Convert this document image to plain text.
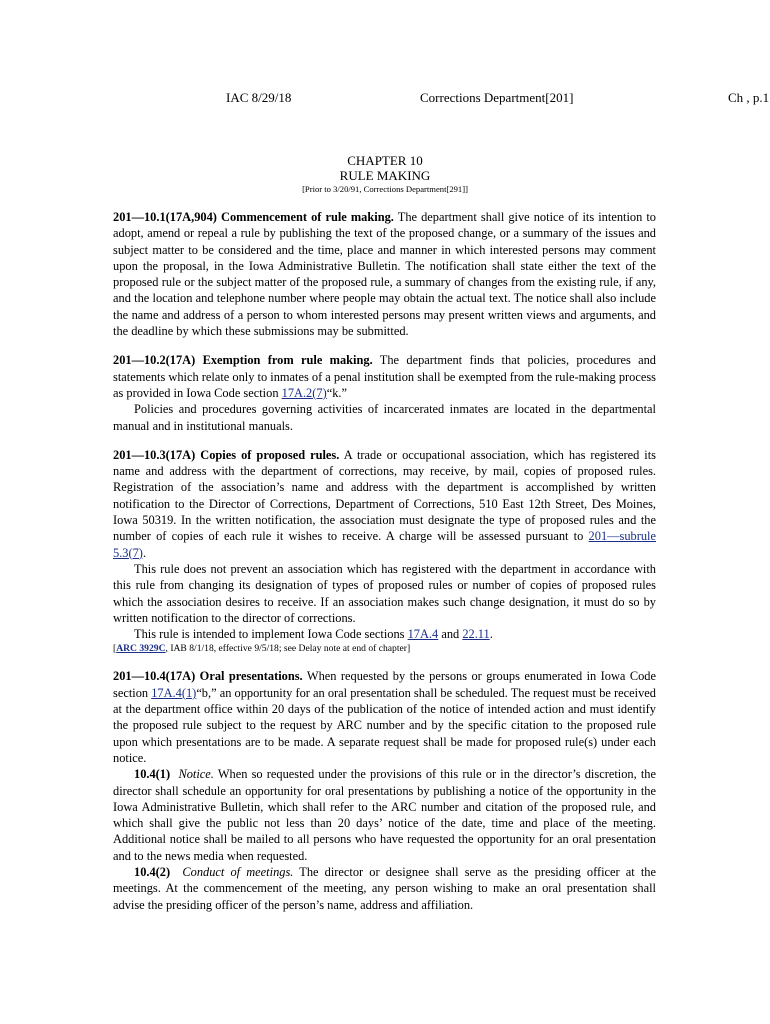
IAC 8/29/18	Corrections Department[201]	Ch , p.1
CHAPTER 10
RULE MAKING
[Prior to 3/20/91, Corrections Department[291]]

201—10.1(17A,904) Commencement of rule making. The department shall give notice of its intention to adopt, amend or repeal a rule by publishing the text of the proposed change, or a summary of the issues and subject matter to be considered and the time, place and manner in which interested persons may comment upon the proposal, in the Iowa Administrative Bulletin. The notification shall state either the text of the proposed rule or the subject matter of the proposed rule, a summary of changes from the existing rule, if any, and the location and telephone number where people may obtain the actual text. The notice shall also include the name and address of a person to whom interested persons may present written views and arguments, and the deadline by which these submissions may be submitted.

201—10.2(17A) Exemption from rule making. The department finds that policies, procedures and statements which relate only to inmates of a penal institution shall be exempted from the rule-making process as provided in Iowa Code section 17A.2(7)“k.”

Policies and procedures governing activities of incarcerated inmates are located in the departmental manual and in institutional manuals.

201—10.3(17A) Copies of proposed rules. A trade or occupational association, which has registered its name and address with the department of corrections, may receive, by mail, copies of proposed rules. Registration of the association’s name and address with the department is accomplished by written notification to the Director of Corrections, Department of Corrections, 510 East 12th Street, Des Moines, Iowa 50319. In the written notification, the association must designate the type of proposed rules and the number of copies of each rule it wishes to receive. A charge will be assessed pursuant to 201—subrule 5.3(7).

This rule does not prevent an association which has registered with the department in accordance with this rule from changing its designation of types of proposed rules or number of copies of proposed rules which the association desires to receive. If an association makes such change designation, it must do so by written notification to the director of corrections.

This rule is intended to implement Iowa Code sections 17A.4 and 22.11.

[ARC 3929C, IAB 8/1/18, effective 9/5/18; see Delay note at end of chapter]

201—10.4(17A) Oral presentations. When requested by the persons or groups enumerated in Iowa Code section 17A.4(1)“b,” an opportunity for an oral presentation shall be scheduled. The request must be received at the department office within 20 days of the publication of the notice of intended action and must identify the proposed rule subject to the request by ARC number and by the specific citation to the proposed rule upon which presentations are to be made. A separate request shall be made for proposed rule(s) under each notice.

10.4(1) Notice. When so requested under the provisions of this rule or in the director’s discretion, the director shall schedule an opportunity for oral presentations by publishing a notice of the opportunity in the Iowa Administrative Bulletin, which shall refer to the ARC number and citation of the proposed rule, and which shall give the public not less than 20 days’ notice of the date, time and place of the meeting. Additional notice shall be mailed to all persons who have requested the opportunity for an oral presentation and to the news media when requested.

10.4(2) Conduct of meetings. The director or designee shall serve as the presiding officer at the meetings. At the commencement of the meeting, any person wishing to make an oral presentation shall advise the presiding officer of the person’s name, address and affiliation.
